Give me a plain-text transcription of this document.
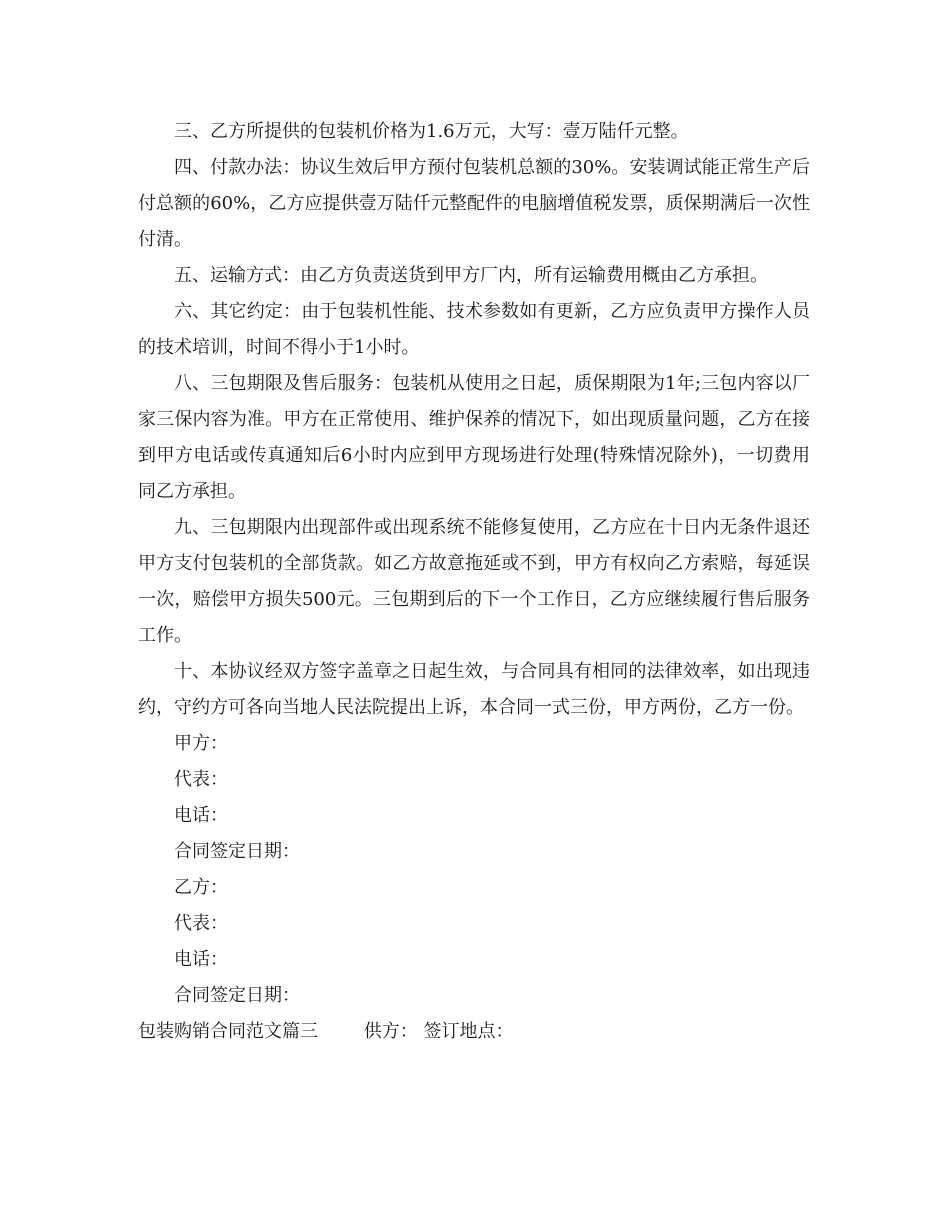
三、乙方所提供的包装机价格为1.6万元，大写：壹万陆仟元整。

四、付款办法：协议生效后甲方预付包装机总额的30%。安装调试能正常生产后付总额的60%，乙方应提供壹万陆仟元整配件的电脑增值税发票，质保期满后一次性付清。

五、运输方式：由乙方负责送货到甲方厂内，所有运输费用概由乙方承担。

六、其它约定：由于包装机性能、技术参数如有更新，乙方应负责甲方操作人员的技术培训，时间不得小于1小时。

八、三包期限及售后服务：包装机从使用之日起，质保期限为1年;三包内容以厂家三保内容为准。甲方在正常使用、维护保养的情况下，如出现质量问题，乙方在接到甲方电话或传真通知后6小时内应到甲方现场进行处理(特殊情况除外)，一切费用同乙方承担。

九、三包期限内出现部件或出现系统不能修复使用，乙方应在十日内无条件退还甲方支付包装机的全部货款。如乙方故意拖延或不到，甲方有权向乙方索赔，每延误一次，赔偿甲方损失500元。三包期到后的下一个工作日，乙方应继续履行售后服务工作。

十、本协议经双方签字盖章之日起生效，与合同具有相同的法律效率，如出现违约，守约方可各向当地人民法院提出上诉，本合同一式三份，甲方两份，乙方一份。

甲方：

代表：

电话：

合同签定日期：

乙方：

代表：

电话：

合同签定日期：

包装购销合同范文篇三	供方： 签订地点：
